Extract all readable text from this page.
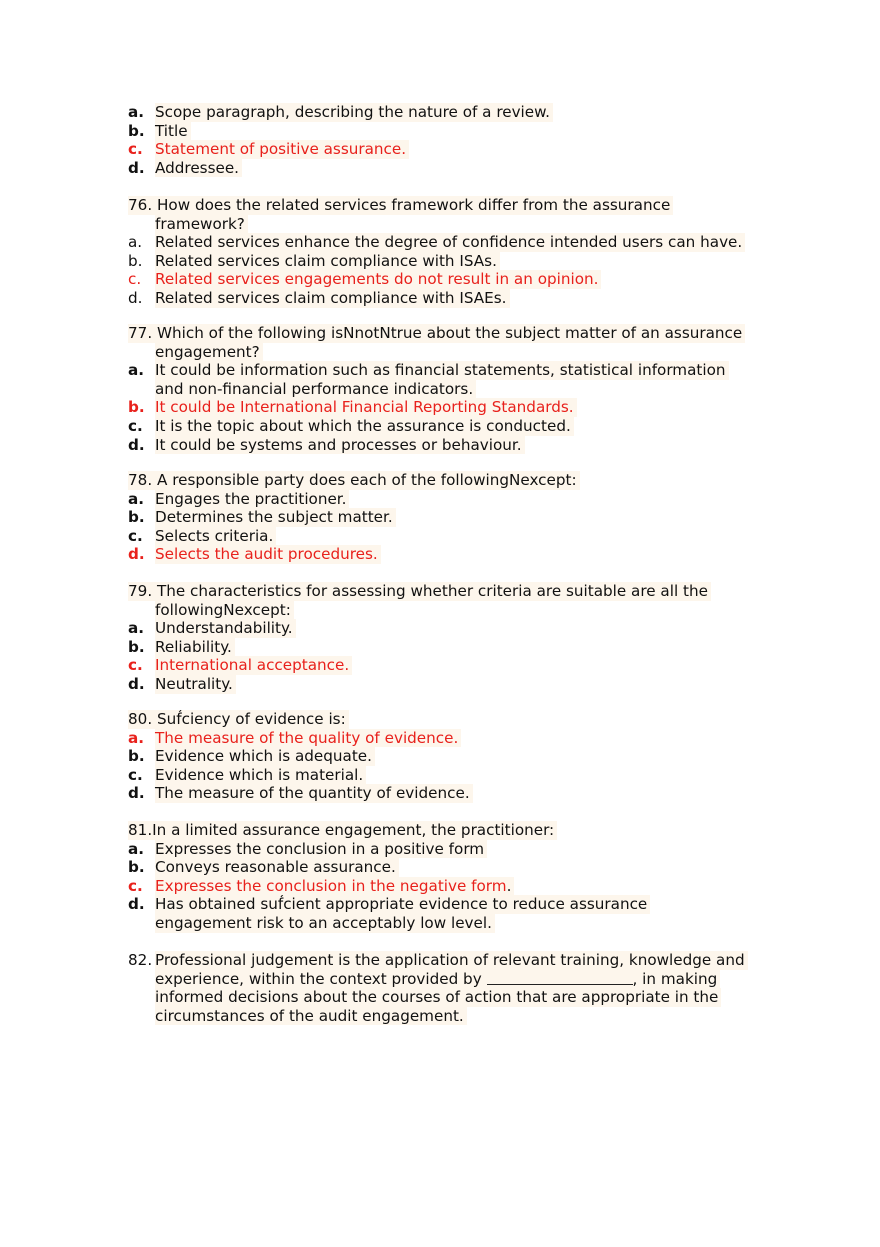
a. Scope paragraph, describing the nature of a review.
b. Title
c. Statement of positive assurance.
d. Addressee.
76. How does the related services framework differ from the assurance
framework?
a. Related services enhance the degree of confidence intended users can have.
b. Related services claim compliance with ISAs.
c. Related services engagements do not result in an opinion.
d. Related services claim compliance with ISAEs.
77. Which of the following isNnotNtrue about the subject matter of an assurance
engagement?
a. It could be information such as financial statements, statistical information
and non-financial performance indicators.
b. It could be International Financial Reporting Standards.
c. It is the topic about which the assurance is conducted.
d. It could be systems and processes or behaviour.
78. A responsible party does each of the followingNexcept:
a. Engages the practitioner.
b. Determines the subject matter.
c. Selects criteria.
d. Selects the audit procedures.
79. The characteristics for assessing whether criteria are suitable are all the
followingNexcept:
a. Understandability.
b. Reliability.
c. International acceptance.
d. Neutrality.
80. Suf́ciency of evidence is:
a. The measure of the quality of evidence.
b. Evidence which is adequate.
c. Evidence which is material.
d. The measure of the quantity of evidence.
81.In a limited assurance engagement, the practitioner:
a. Expresses the conclusion in a positive form
b. Conveys reasonable assurance.
c. Expresses the conclusion in the negative form.
d. Has obtained suf́cient appropriate evidence to reduce assurance
engagement risk to an acceptably low level.
82. Professional judgement is the application of relevant training, knowledge and
experience, within the context provided by	, in making
informed decisions about the courses of action that are appropriate in the
circumstances of the audit engagement.
